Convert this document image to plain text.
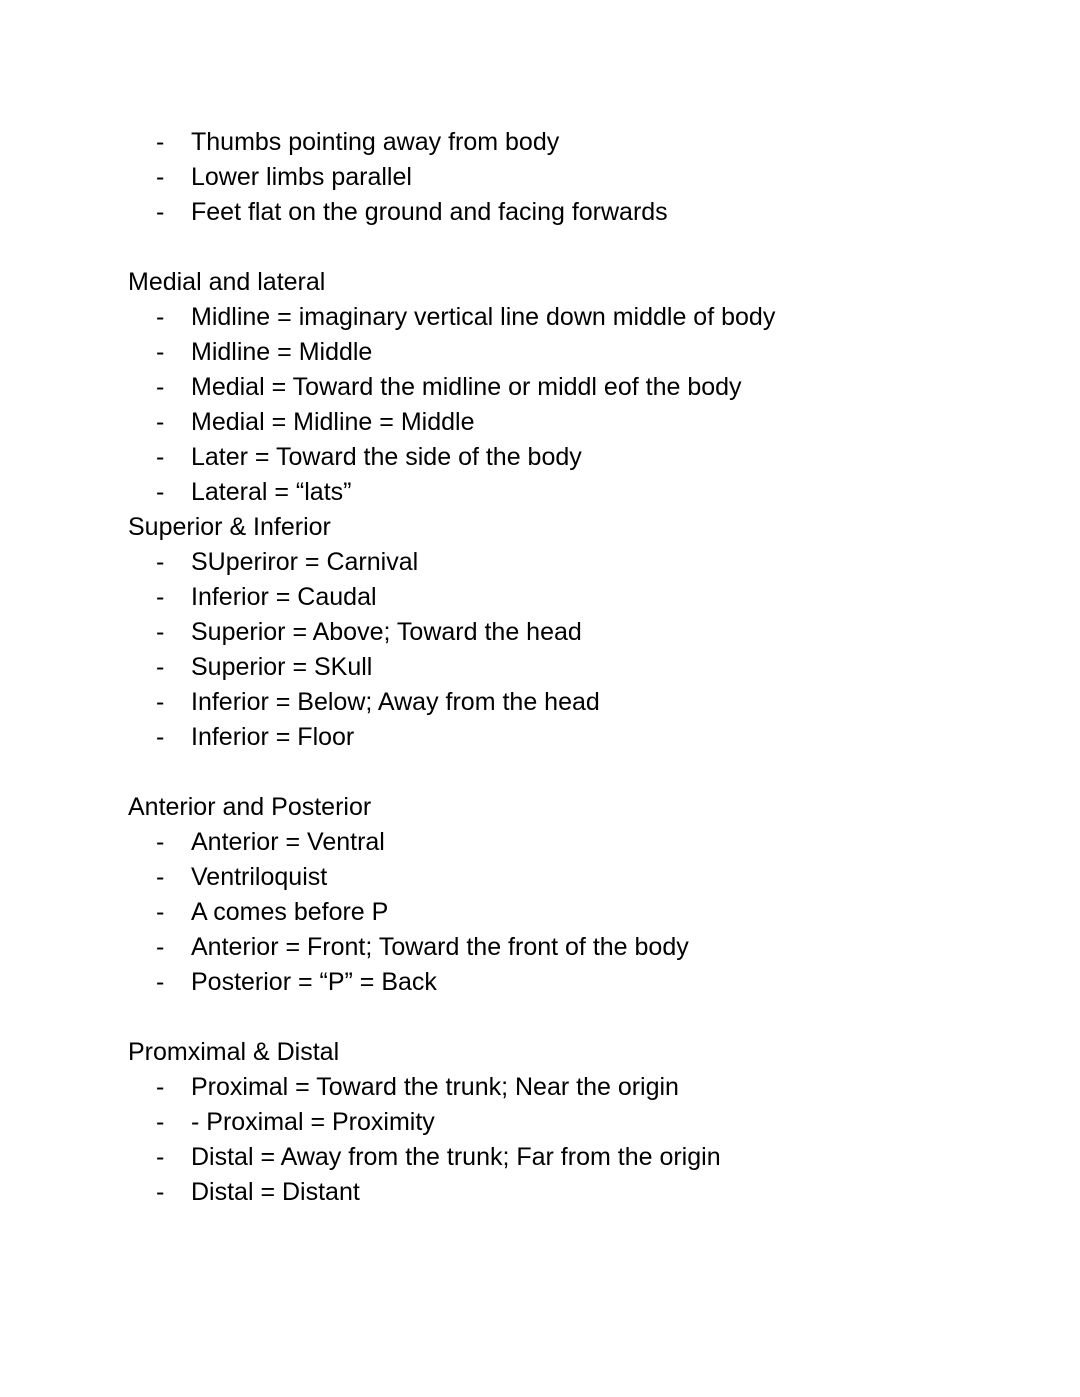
- Thumbs pointing away from body
- Lower limbs parallel
- Feet flat on the ground and facing forwards
Medial and lateral
- Midline = imaginary vertical line down middle of body
- Midline = Middle
- Medial = Toward the midline or middl eof the body
- Medial = Midline = Middle
- Later = Toward the side of the body
- Lateral = “lats”
Superior & Inferior
- SUperiror = Carnival
- Inferior = Caudal
- Superior = Above; Toward the head
- Superior = SKull
- Inferior = Below; Away from the head
- Inferior = Floor
Anterior and Posterior
- Anterior = Ventral
- Ventriloquist
- A comes before P
- Anterior = Front; Toward the front of the body
- Posterior = “P” = Back
Promximal & Distal
- Proximal = Toward the trunk; Near the origin
- - Proximal = Proximity
- Distal = Away from the trunk; Far from the origin
- Distal = Distant
